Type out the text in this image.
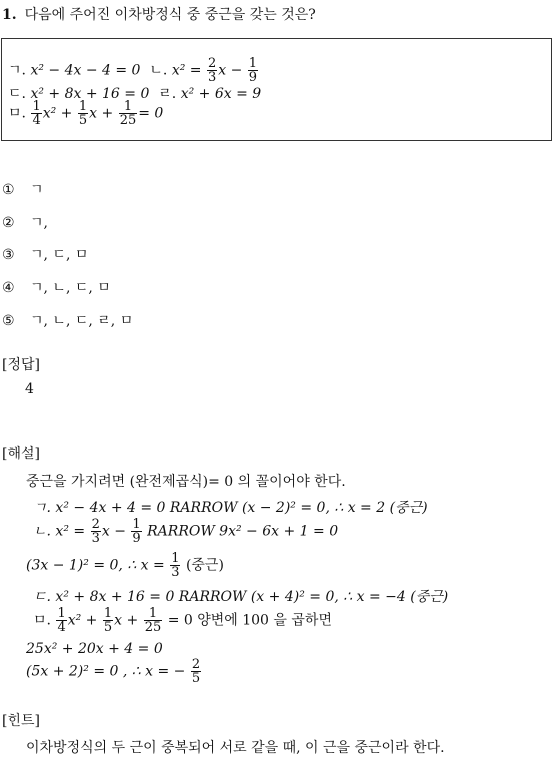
1. 다음에 주어진 이차방정식 중 중근을 갖는 것은?
ㄱ. x² − 4x − 4 = 0 ㄴ. $x^2 = \frac{2}{3}$ $x - \frac{1}{9}$
ㄷ. x² + 8x + 16 = 0 ㄹ. x² + 6x = 9
ㅁ. $\frac{1}{4} x^2 + \frac{1}{5}$ $x + \frac{1}{25} = 0$
① ㄱ
② ㄱ,
③ ㄱ, ㄷ, ㅁ
④ ㄱ, ㄴ, ㄷ, ㅁ
⑤ ㄱ, ㄴ, ㄷ, ㄹ, ㅁ
[정답]
4
[해설]
중근을 가지려면 (완전제곱식)= 0 의 꼴이어야 한다.
ㄱ. x² − 4x + 4 = 0 RARROW (x − 2)² = 0, ∴ x = 2 (중근)
ㄴ. $x^2 = \frac{2}{3}$ $x - \frac{1}{9}$ RARROW 9x² − 6x + 1 = 0
(3x − 1)² = 0, ∴ $x = \frac{1}{3}$ (중근)
ㄷ. x² + 8x + 16 = 0 RARROW (x + 4)² = 0, ∴ x = −4 (중근)
ㅁ. $\frac{1}{4} x^2 + \frac{1}{5}$ $x + \frac{1}{25} = 0$ 양변에 100 을 곱하면
25x² + 20x + 4 = 0
(5x + 2)² = 0 , ∴ x = − $\frac{2}{5}$
[힌트]
이차방정식의 두 근이 중복되어 서로 같을 때, 이 근을 중근이라 한다.
